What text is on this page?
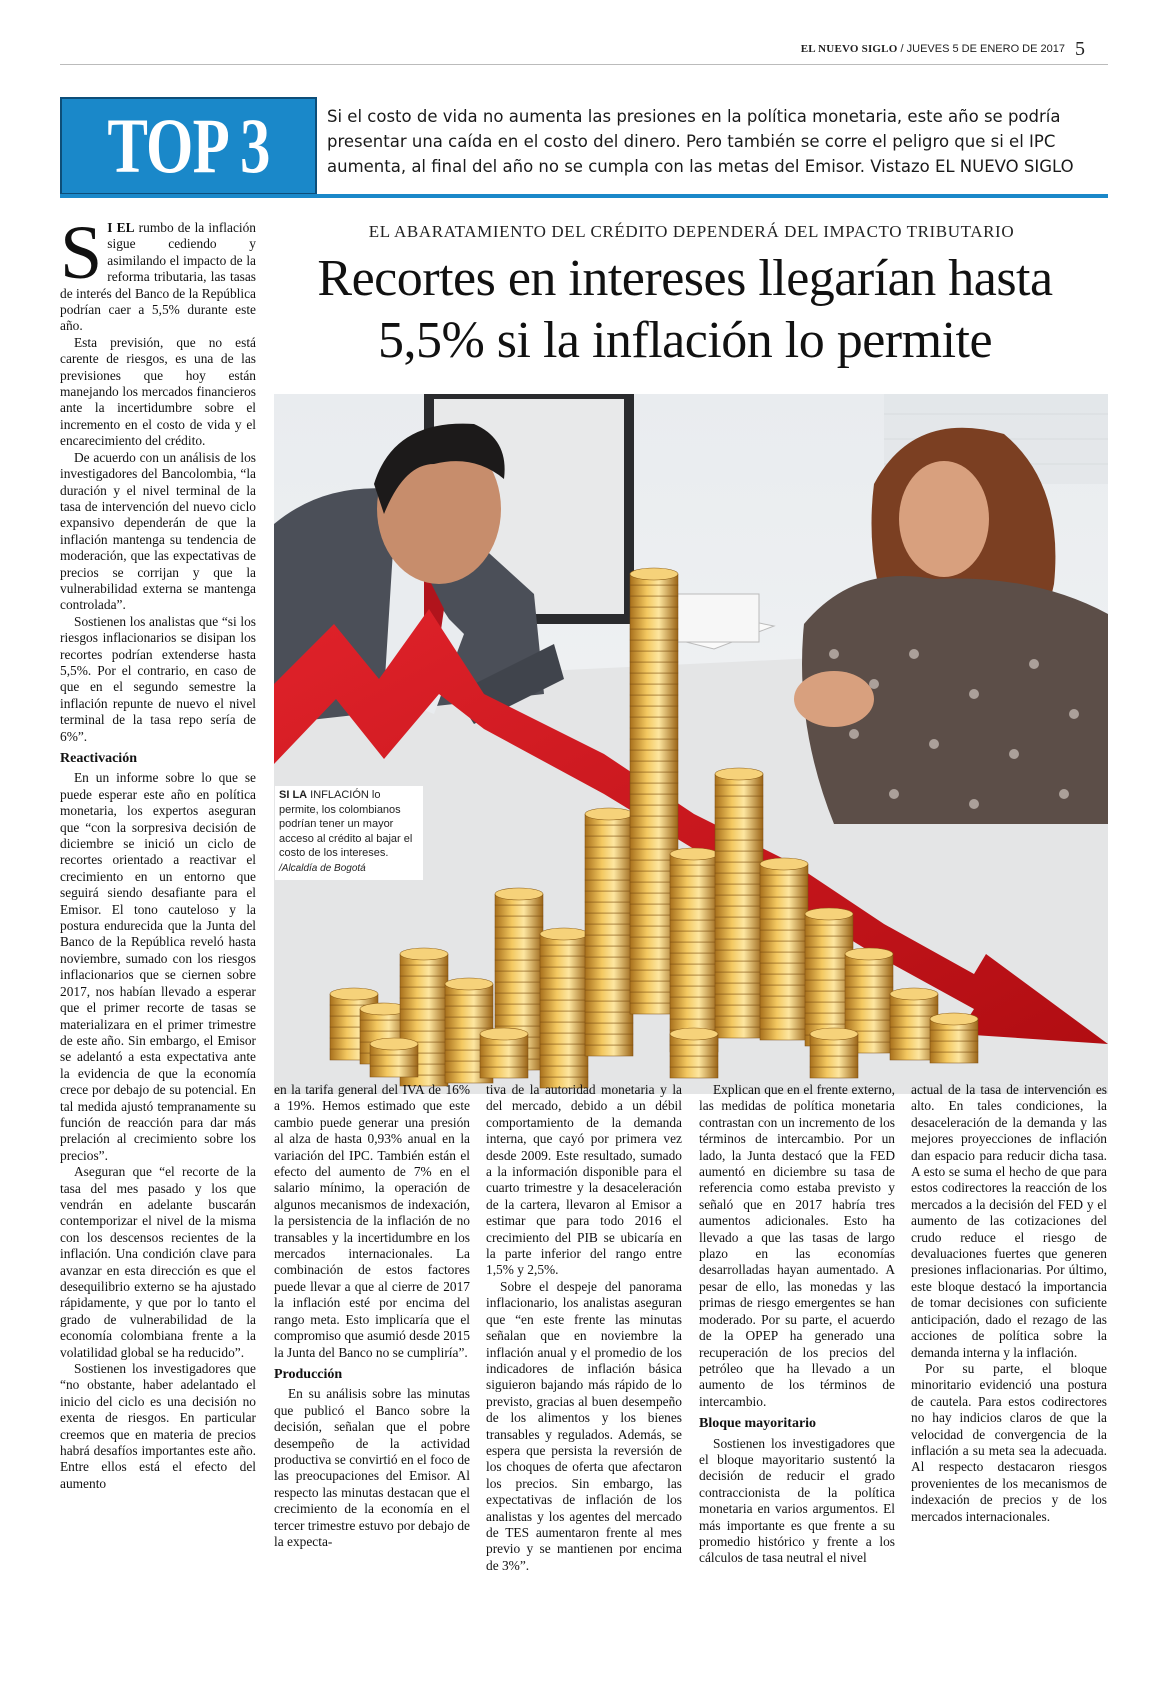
EL NUEVO SIGLO / JUEVES 5 DE ENERO DE 2017 5
TOP 3	Si el costo de vida no aumenta las presiones en la política monetaria, este año se podría presentar una caída en el costo del dinero. Pero también se corre el peligro que si el IPC aumenta, al final del año no se cumpla con las metas del Emisor. Vistazo EL NUEVO SIGLO
EL ABARATAMIENTO DEL CRÉDITO DEPENDERÁ DEL IMPACTO TRIBUTARIO
Recortes en intereses llegarían hasta 5,5% si la inflación lo permite
S I EL rumbo de la inflación sigue cediendo y asimilando el impacto de la reforma tributaria, las tasas de interés del Banco de la República podrían caer a 5,5% durante este año.

Esta previsión, que no está carente de riesgos, es una de las previsiones que hoy están manejando los mercados financieros ante la incertidumbre sobre el incremento en el costo de vida y el encarecimiento del crédito.

De acuerdo con un análisis de los investigadores del Bancolombia, “la duración y el nivel terminal de la tasa de intervención del nuevo ciclo expansivo dependerán de que la inflación mantenga su tendencia de moderación, que las expectativas de precios se corrijan y que la vulnerabilidad externa se mantenga controlada”.

Sostienen los analistas que “si los riesgos inflacionarios se disipan los recortes podrían extenderse hasta 5,5%. Por el contrario, en caso de que en el segundo semestre la inflación repunte de nuevo el nivel terminal de la tasa repo sería de 6%”.

Reactivación

En un informe sobre lo que se puede esperar este año en política monetaria, los expertos aseguran que “con la sorpresiva decisión de diciembre se inició un ciclo de recortes orientado a reactivar el crecimiento en un entorno que seguirá siendo desafiante para el Emisor. El tono cauteloso y la postura endurecida que la Junta del Banco de la República reveló hasta noviembre, sumado con los riesgos inflacionarios que se ciernen sobre 2017, nos habían llevado a esperar que el primer recorte de tasas se materializara en el primer trimestre de este año. Sin embargo, el Emisor se adelantó a esta expectativa ante la evidencia de que la economía crece por debajo de su potencial. En tal medida ajustó tempranamente su función de reacción para dar más prelación al crecimiento sobre los precios”.

Aseguran que “el recorte de la tasa del mes pasado y los que vendrán en adelante buscarán contemporizar el nivel de la misma con los descensos recientes de la inflación. Una condición clave para avanzar en esta dirección es que el desequilibrio externo se ha ajustado rápidamente, y que por lo tanto el grado de vulnerabilidad de la economía colombiana frente a la volatilidad global se ha reducido”.

Sostienen los investigadores que “no obstante, haber adelantado el inicio del ciclo es una decisión no exenta de riesgos. En particular creemos que en materia de precios habrá desafíos importantes este año. Entre ellos está el efecto del aumento

SI LA INFLACIÓN lo permite, los colombianos podrían tener un mayor acceso al crédito al bajar el costo de los intereses. /Alcaldía de Bogotá

en la tarifa general del IVA de 16% a 19%. Hemos estimado que este cambio puede generar una presión al alza de hasta 0,93% anual en la variación del IPC. También están el efecto del aumento de 7% en el salario mínimo, la operación de algunos mecanismos de indexación, la persistencia de la inflación de no transables y la incertidumbre en los mercados internacionales. La combinación de estos factores puede llevar a que al cierre de 2017 la inflación esté por encima del rango meta. Esto implicaría que el compromiso que asumió desde 2015 la Junta del Banco no se cumpliría”.

Producción

En su análisis sobre las minutas que publicó el Banco sobre la decisión, señalan que el pobre desempeño de la actividad productiva se convirtió en el foco de las preocupaciones del Emisor. Al respecto las minutas destacan que el crecimiento de la economía en el tercer trimestre estuvo por debajo de la expecta-

tiva de la autoridad monetaria y la del mercado, debido a un débil comportamiento de la demanda interna, que cayó por primera vez desde 2009. Este resultado, sumado a la información disponible para el cuarto trimestre y la desaceleración de la cartera, llevaron al Emisor a estimar que para todo 2016 el crecimiento del PIB se ubicaría en la parte inferior del rango entre 1,5% y 2,5%.

Sobre el despeje del panorama inflacionario, los analistas aseguran que “en este frente las minutas señalan que en noviembre la inflación anual y el promedio de los indicadores de inflación básica siguieron bajando más rápido de lo previsto, gracias al buen desempeño de los alimentos y los bienes transables y regulados. Además, se espera que persista la reversión de los choques de oferta que afectaron los precios. Sin embargo, las expectativas de inflación de los analistas y los agentes del mercado de TES aumentaron frente al mes previo y se mantienen por encima de 3%”.

Explican que en el frente externo, las medidas de política monetaria contrastan con un incremento de los términos de intercambio. Por un lado, la Junta destacó que la FED aumentó en diciembre su tasa de referencia como estaba previsto y señaló que en 2017 habría tres aumentos adicionales. Esto ha llevado a que las tasas de largo plazo en las economías desarrolladas hayan aumentado. A pesar de ello, las monedas y las primas de riesgo emergentes se han moderado. Por su parte, el acuerdo de la OPEP ha generado una recuperación de los precios del petróleo que ha llevado a un aumento de los términos de intercambio.

Bloque mayoritario

Sostienen los investigadores que el bloque mayoritario sustentó la decisión de reducir el grado contraccionista de la política monetaria en varios argumentos. El más importante es que frente a su promedio histórico y frente a los cálculos de tasa neutral el nivel

actual de la tasa de intervención es alto. En tales condiciones, la desaceleración de la demanda y las mejores proyecciones de inflación dan espacio para reducir dicha tasa. A esto se suma el hecho de que para estos codirectores la reacción de los mercados a la decisión del FED y el aumento de las cotizaciones del crudo reduce el riesgo de devaluaciones fuertes que generen presiones inflacionarias. Por último, este bloque destacó la importancia de tomar decisiones con suficiente anticipación, dado el rezago de las acciones de política sobre la demanda interna y la inflación.

Por su parte, el bloque minoritario evidenció una postura de cautela. Para estos codirectores no hay indicios claros de que la velocidad de convergencia de la inflación a su meta sea la adecuada. Al respecto destacaron riesgos provenientes de los mecanismos de indexación de precios y de los mercados internacionales.
